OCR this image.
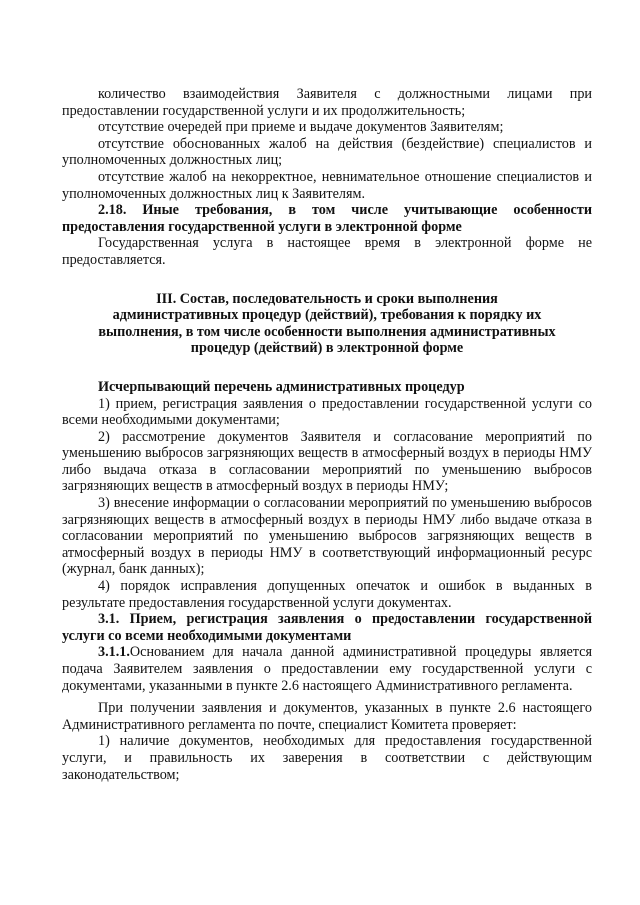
количество взаимодействия Заявителя с должностными лицами при предоставлении государственной услуги и их продолжительность;

отсутствие очередей при приеме и выдаче документов Заявителям;

отсутствие обоснованных жалоб на действия (бездействие) специалистов и уполномоченных должностных лиц;

отсутствие жалоб на некорректное, невнимательное отношение специалистов и уполномоченных должностных лиц к Заявителям.

2.18. Иные требования, в том числе учитывающие особенности предоставления государственной услуги в электронной форме

Государственная услуга в настоящее время в электронной форме не предоставляется.

III. Состав, последовательность и сроки выполнения административных процедур (действий), требования к порядку их выполнения, в том числе особенности выполнения административных процедур (действий) в электронной форме

Исчерпывающий перечень административных процедур

1) прием, регистрация заявления о предоставлении государственной услуги со всеми необходимыми документами;

2) рассмотрение документов Заявителя и согласование мероприятий по уменьшению выбросов загрязняющих веществ в атмосферный воздух в периоды НМУ либо выдача отказа в согласовании мероприятий по уменьшению выбросов загрязняющих веществ в атмосферный воздух в периоды НМУ;

3) внесение информации о согласовании мероприятий по уменьшению выбросов загрязняющих веществ в атмосферный воздух в периоды НМУ либо выдаче отказа в согласовании мероприятий по уменьшению выбросов загрязняющих веществ в атмосферный воздух в периоды НМУ в соответствующий информационный ресурс (журнал, банк данных);

4) порядок исправления допущенных опечаток и ошибок в выданных в результате предоставления государственной услуги документах.

3.1. Прием, регистрация заявления о предоставлении государственной услуги со всеми необходимыми документами

3.1.1.Основанием для начала данной административной процедуры является подача Заявителем заявления о предоставлении ему государственной услуги с документами, указанными в пункте 2.6 настоящего Административного регламента.

При получении заявления и документов, указанных в пункте 2.6 настоящего Административного регламента по почте, специалист Комитета проверяет:

1) наличие документов, необходимых для предоставления государственной услуги, и правильность их заверения в соответствии с действующим законодательством;
